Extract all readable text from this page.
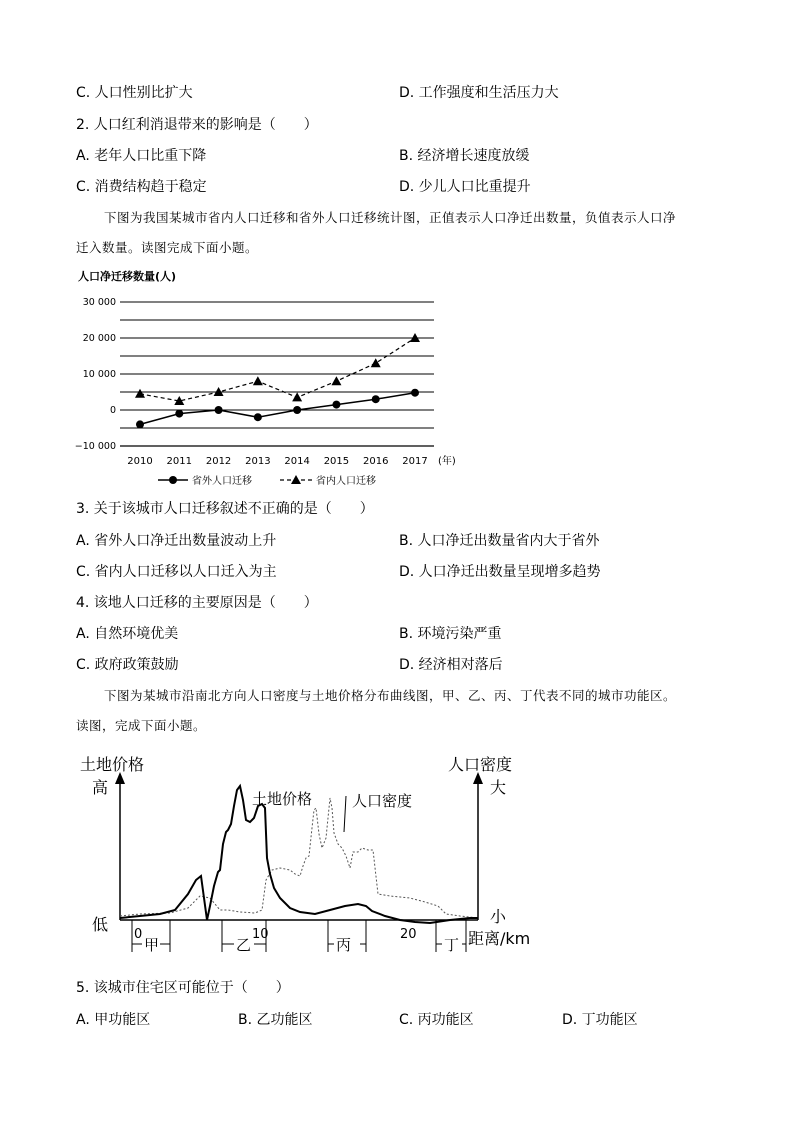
C. 人口性别比扩大	D. 工作强度和生活压力大
2. 人口红利消退带来的影响是（　　）
A. 老年人口比重下降	B. 经济增长速度放缓
C. 消费结构趋于稳定	D. 少儿人口比重提升
下图为我国某城市省内人口迁移和省外人口迁移统计图，正值表示人口净迁出数量，负值表示人口净
迁入数量。读图完成下面小题。
人口净迁移数量(人)
30 000
20 000
10 000
0
−10 000
2010 2011 2012 2013 2014 2015 2016 2017 (年)
省外人口迁移	省内人口迁移
3. 关于该城市人口迁移叙述不正确的是（　　）
A. 省外人口净迁出数量波动上升	B. 人口净迁出数量省内大于省外
C. 省内人口迁移以人口迁入为主	D. 人口净迁出数量呈现增多趋势
4. 该地人口迁移的主要原因是（　　）
A. 自然环境优美	B. 环境污染严重
C. 政府政策鼓励	D. 经济相对落后
下图为某城市沿南北方向人口密度与土地价格分布曲线图，甲、乙、丙、丁代表不同的城市功能区。
读图，完成下面小题。
土地价格
高
低
人口密度
大
小
距离/km
土地价格	人口密度
0	10	20
甲	乙	丙	丁
5. 该城市住宅区可能位于（　　）
A. 甲功能区	B. 乙功能区	C. 丙功能区	D. 丁功能区
